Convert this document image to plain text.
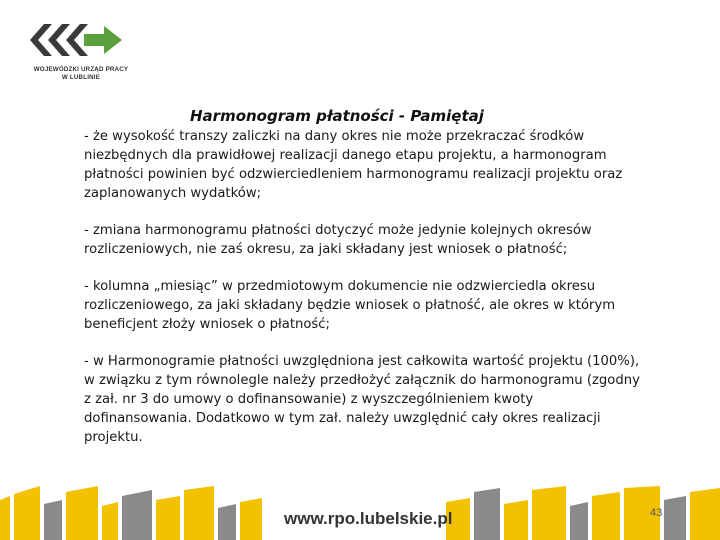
WOJEWÓDZKI URZĄD PRACY
W LUBLINIE
Harmonogram płatności - Pamiętaj

- że wysokość transzy zaliczki na dany okres nie może przekraczać środków niezbędnych dla prawidłowej realizacji danego etapu projektu, a harmonogram płatności powinien być odzwierciedleniem harmonogramu realizacji projektu oraz zaplanowanych wydatków;

- zmiana harmonogramu płatności dotyczyć może jedynie kolejnych okresów rozliczeniowych, nie zaś okresu, za jaki składany jest wniosek o płatność;

- kolumna „miesiąc” w przedmiotowym dokumencie nie odzwierciedla okresu rozliczeniowego, za jaki składany będzie wniosek o płatność, ale okres w którym beneficjent złoży wniosek o płatność;

- w Harmonogramie płatności uwzględniona jest całkowita wartość projektu (100%), w związku z tym równolegle należy przedłożyć załącznik do harmonogramu (zgodny z zał. nr 3 do umowy o dofinansowanie) z wyszczególnieniem kwoty dofinansowania. Dodatkowo w tym zał. należy uwzględnić cały okres realizacji projektu.

www.rpo.lubelskie.pl	43
